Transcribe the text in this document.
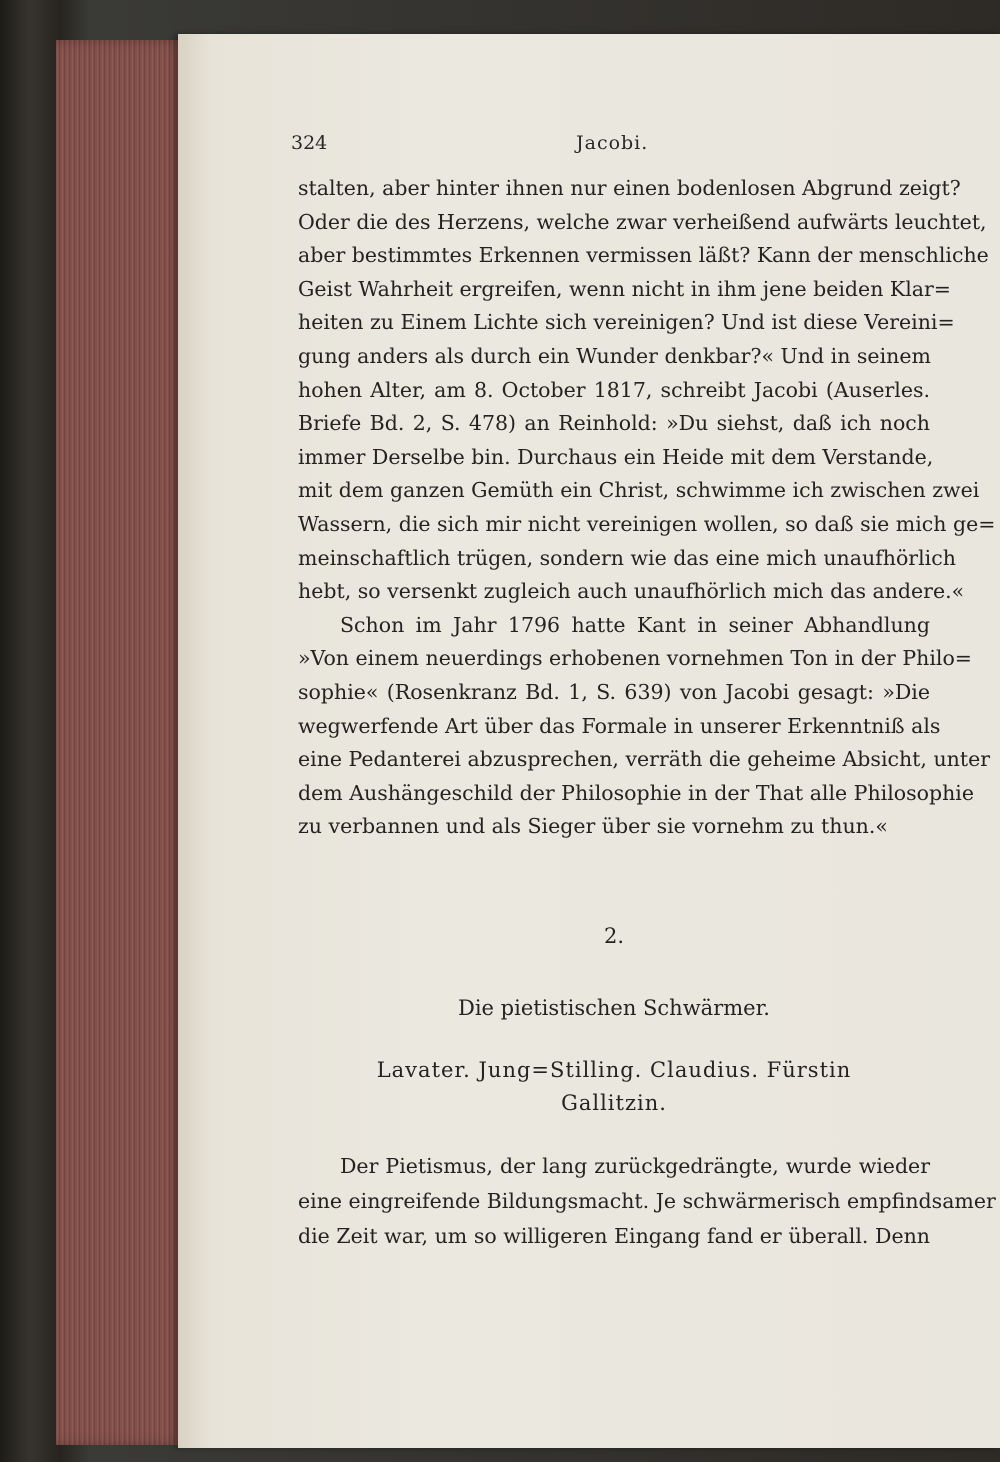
324	Jacobi.
stalten, aber hinter ihnen nur einen bodenlosen Abgrund zeigt?
Oder die des Herzens, welche zwar verheißend aufwärts leuchtet,
aber bestimmtes Erkennen vermissen läßt? Kann der menschliche
Geist Wahrheit ergreifen, wenn nicht in ihm jene beiden Klar=
heiten zu Einem Lichte sich vereinigen? Und ist diese Vereini=
gung anders als durch ein Wunder denkbar?« Und in seinem
hohen Alter, am 8. October 1817, schreibt Jacobi (Auserles.
Briefe Bd. 2, S. 478) an Reinhold: »Du siehst, daß ich noch
immer Derselbe bin. Durchaus ein Heide mit dem Verstande,
mit dem ganzen Gemüth ein Christ, schwimme ich zwischen zwei
Wassern, die sich mir nicht vereinigen wollen, so daß sie mich ge=
meinschaftlich trügen, sondern wie das eine mich unaufhörlich
hebt, so versenkt zugleich auch unaufhörlich mich das andere.«
Schon im Jahr 1796 hatte Kant in seiner Abhandlung
»Von einem neuerdings erhobenen vornehmen Ton in der Philo=
sophie« (Rosenkranz Bd. 1, S. 639) von Jacobi gesagt: »Die
wegwerfende Art über das Formale in unserer Erkenntniß als
eine Pedanterei abzusprechen, verräth die geheime Absicht, unter
dem Aushängeschild der Philosophie in der That alle Philosophie
zu verbannen und als Sieger über sie vornehm zu thun.«
2.
Die pietistischen Schwärmer.
Lavater. Jung=Stilling. Claudius. Fürstin
Gallitzin.
Der Pietismus, der lang zurückgedrängte, wurde wieder
eine eingreifende Bildungsmacht. Je schwärmerisch empfindsamer
die Zeit war, um so willigeren Eingang fand er überall. Denn
